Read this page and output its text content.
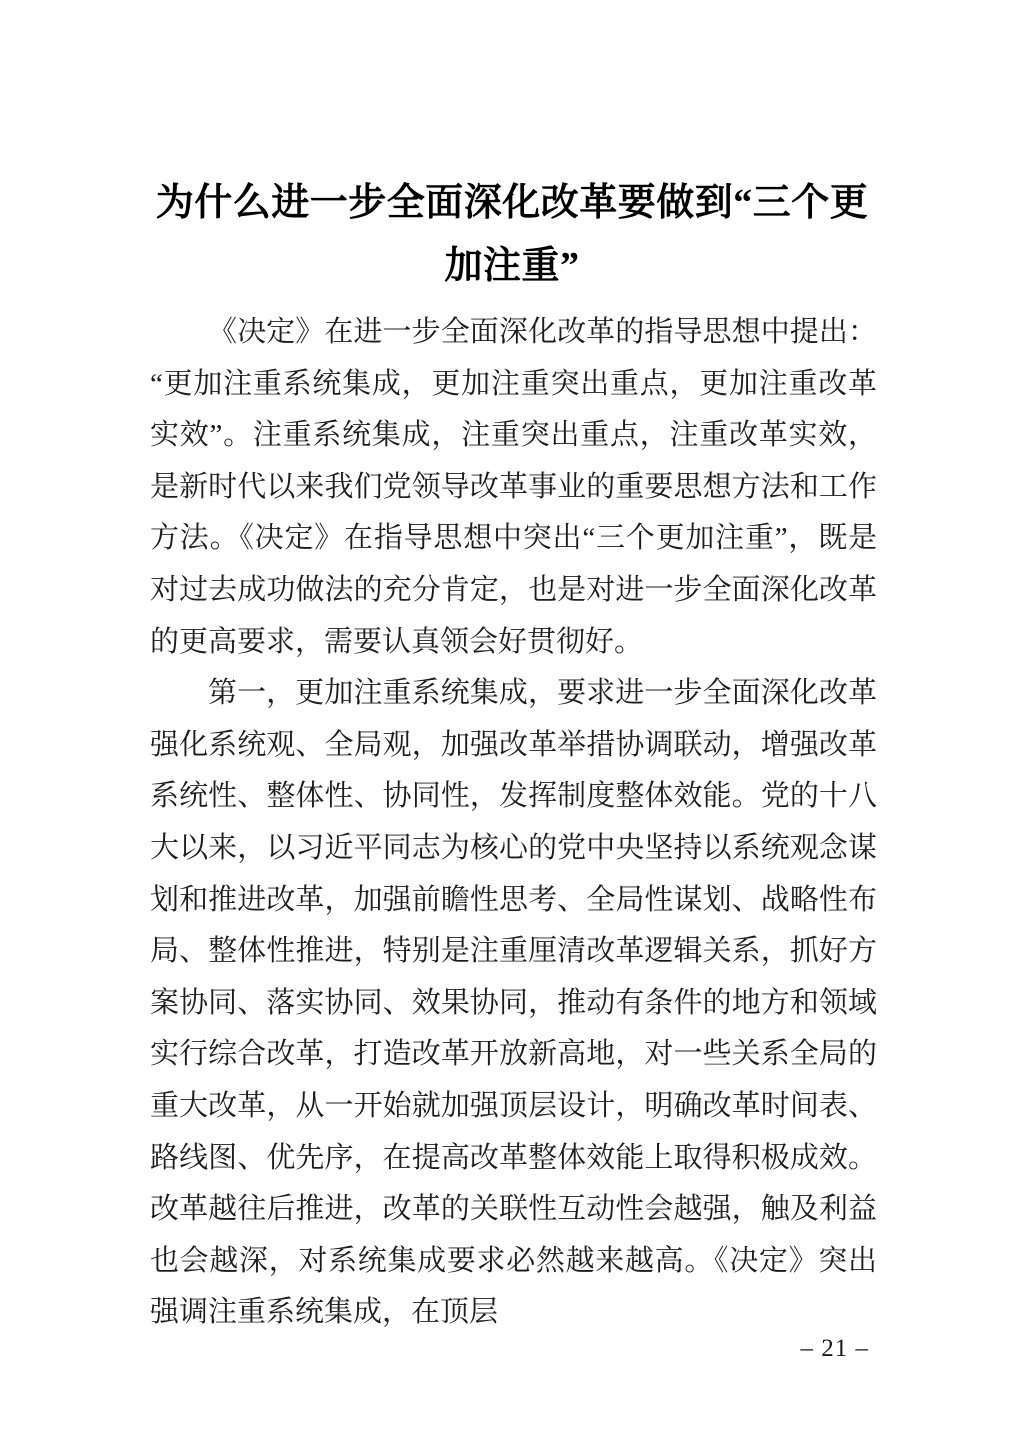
为什么进一步全面深化改革要做到“三个更加注重”

《决定》在进一步全面深化改革的指导思想中提出：“更加注重系统集成，更加注重突出重点，更加注重改革实效”。注重系统集成，注重突出重点，注重改革实效，是新时代以来我们党领导改革事业的重要思想方法和工作方法。《决定》在指导思想中突出“三个更加注重”，既是对过去成功做法的充分肯定，也是对进一步全面深化改革的更高要求，需要认真领会好贯彻好。

第一，更加注重系统集成，要求进一步全面深化改革强化系统观、全局观，加强改革举措协调联动，增强改革系统性、整体性、协同性，发挥制度整体效能。党的十八大以来，以习近平同志为核心的党中央坚持以系统观念谋划和推进改革，加强前瞻性思考、全局性谋划、战略性布局、整体性推进，特别是注重厘清改革逻辑关系，抓好方案协同、落实协同、效果协同，推动有条件的地方和领域实行综合改革，打造改革开放新高地，对一些关系全局的重大改革，从一开始就加强顶层设计，明确改革时间表、路线图、优先序，在提高改革整体效能上取得积极成效。改革越往后推进，改革的关联性互动性会越强，触及利益也会越深，对系统集成要求必然越来越高。《决定》突出强调注重系统集成，在顶层

– 21 –
